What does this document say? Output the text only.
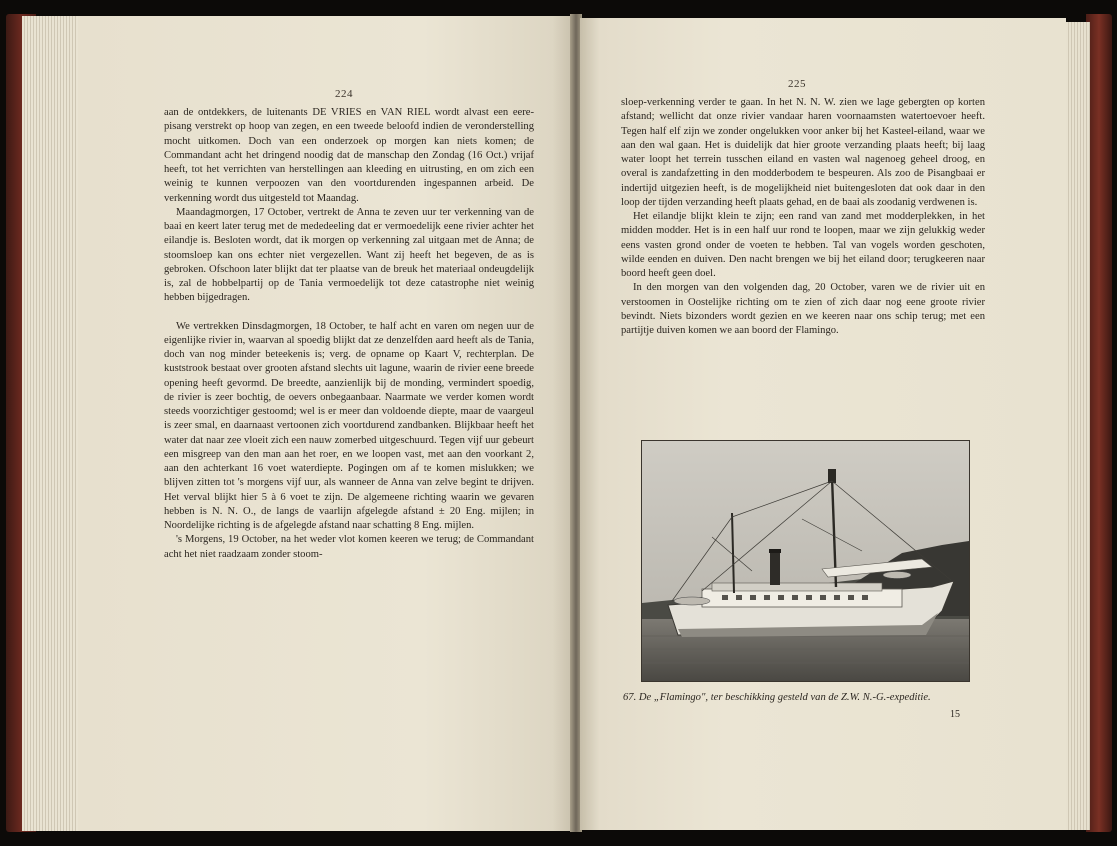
224

aan de ontdekkers, de luitenants DE VRIES en VAN RIEL wordt alvast een eere-pisang verstrekt op hoop van zegen, en een tweede beloofd indien de veronderstelling mocht uitkomen. Doch van een onderzoek op morgen kan niets komen; de Commandant acht het dringend noodig dat de manschap den Zondag (16 Oct.) vrijaf heeft, tot het verrichten van herstellingen aan kleeding en uitrusting, en om zich een weinig te kunnen verpoozen van den voortdurenden ingespannen arbeid. De verkenning wordt dus uitgesteld tot Maandag.

Maandagmorgen, 17 October, vertrekt de Anna te zeven uur ter verkenning van de baai en keert later terug met de mededeeling dat er vermoedelijk eene rivier achter het eilandje is. Besloten wordt, dat ik morgen op verkenning zal uitgaan met de Anna; de stoomsloep kan ons echter niet vergezellen. Want zij heeft het begeven, de as is gebroken. Ofschoon later blijkt dat ter plaatse van de breuk het materiaal ondeugdelijk is, zal de hobbelpartij op de Tania vermoedelijk tot deze catastrophe niet weinig hebben bijgedragen.

We vertrekken Dinsdagmorgen, 18 October, te half acht en varen om negen uur de eigenlijke rivier in, waarvan al spoedig blijkt dat ze denzelfden aard heeft als de Tania, doch van nog minder beteekenis is; verg. de opname op Kaart V, rechterplan. De kuststrook bestaat over grooten afstand slechts uit lagune, waarin de rivier eene breede opening heeft gevormd. De breedte, aanzienlijk bij de monding, vermindert spoedig, de rivier is zeer bochtig, de oevers onbegaanbaar. Naarmate we verder komen wordt steeds voorzichtiger gestoomd; wel is er meer dan voldoende diepte, maar de vaargeul is zeer smal, en daarnaast vertoonen zich voortdurend zandbanken. Blijkbaar heeft het water dat naar zee vloeit zich een nauw zomerbed uitgeschuurd. Tegen vijf uur gebeurt een misgreep van den man aan het roer, en we loopen vast, met aan den voorkant 2, aan den achterkant 16 voet waterdiepte. Pogingen om af te komen mislukken; we blijven zitten tot 's morgens vijf uur, als wanneer de Anna van zelve begint te drijven. Het verval blijkt hier 5 à 6 voet te zijn. De algemeene richting waarin we gevaren hebben is N. N. O., de langs de vaarlijn afgelegde afstand ± 20 Eng. mijlen; in Noordelijke richting is de afgelegde afstand naar schatting 8 Eng. mijlen.

's Morgens, 19 October, na het weder vlot komen keeren we terug; de Commandant acht het niet raadzaam zonder stoom-

225

sloep-verkenning verder te gaan. In het N. N. W. zien we lage gebergten op korten afstand; wellicht dat onze rivier vandaar haren voornaamsten watertoevoer heeft. Tegen half elf zijn we zonder ongelukken voor anker bij het Kasteel-eiland, waar we aan den wal gaan. Het is duidelijk dat hier groote verzanding plaats heeft; bij laag water loopt het terrein tusschen eiland en vasten wal nagenoeg geheel droog, en overal is zandafzetting in den modderbodem te bespeuren. Als zoo de Pisangbaai er indertijd uitgezien heeft, is de mogelijkheid niet buitengesloten dat ook daar in den loop der tijden verzanding heeft plaats gehad, en de baai als zoodanig verdwenen is.

Het eilandje blijkt klein te zijn; een rand van zand met modderplekken, in het midden modder. Het is in een half uur rond te loopen, maar we zijn gelukkig weder eens vasten grond onder de voeten te hebben. Tal van vogels worden geschoten, wilde eenden en duiven. Den nacht brengen we bij het eiland door; terugkeeren naar boord heeft geen doel.

In den morgen van den volgenden dag, 20 October, varen we de rivier uit en verstoomen in Oostelijke richting om te zien of zich daar nog eene groote rivier bevindt. Niets bizonders wordt gezien en we keeren naar ons schip terug; met een partijtje duiven komen we aan boord der Flamingo.

67. De „Flamingo", ter beschikking gesteld van de Z.W. N.-G.-expeditie.
15
